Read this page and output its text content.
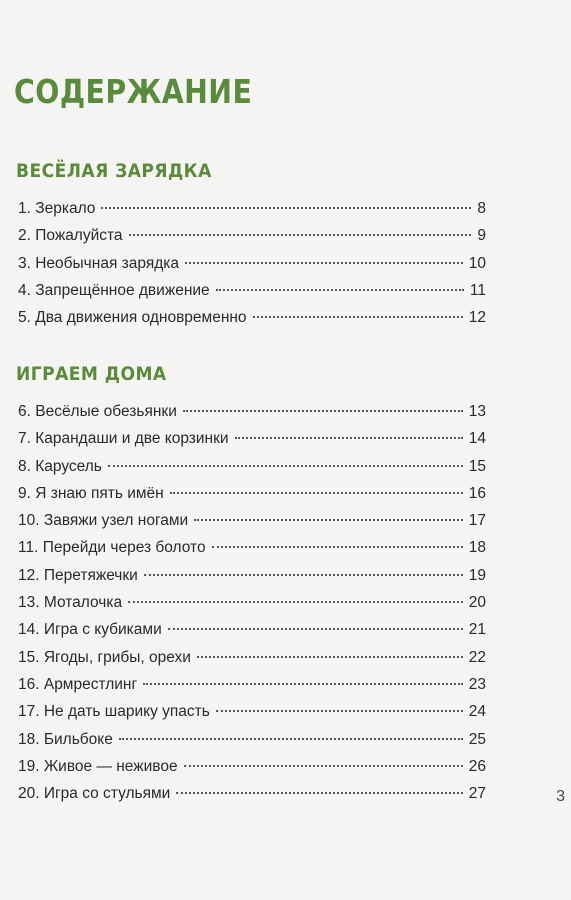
СОДЕРЖАНИЕ
ВЕСЁЛАЯ ЗАРЯДКА
1. Зеркало	8
2. Пожалуйста	9
3. Необычная зарядка	10
4. Запрещённое движение	11
5. Два движения одновременно	12
ИГРАЕМ ДОМА
6. Весёлые обезьянки	13
7. Карандаши и две корзинки	14
8. Карусель	15
9. Я знаю пять имён	16
10. Завяжи узел ногами	17
11. Перейди через болото	18
12. Перетяжечки	19
13. Моталочка	20
14. Игра с кубиками	21
15. Ягоды, грибы, орехи	22
16. Армрестлинг	23
17. Не дать шарику упасть	24
18. Бильбоке	25
19. Живое — неживое	26
20. Игра со стульями	27	3
